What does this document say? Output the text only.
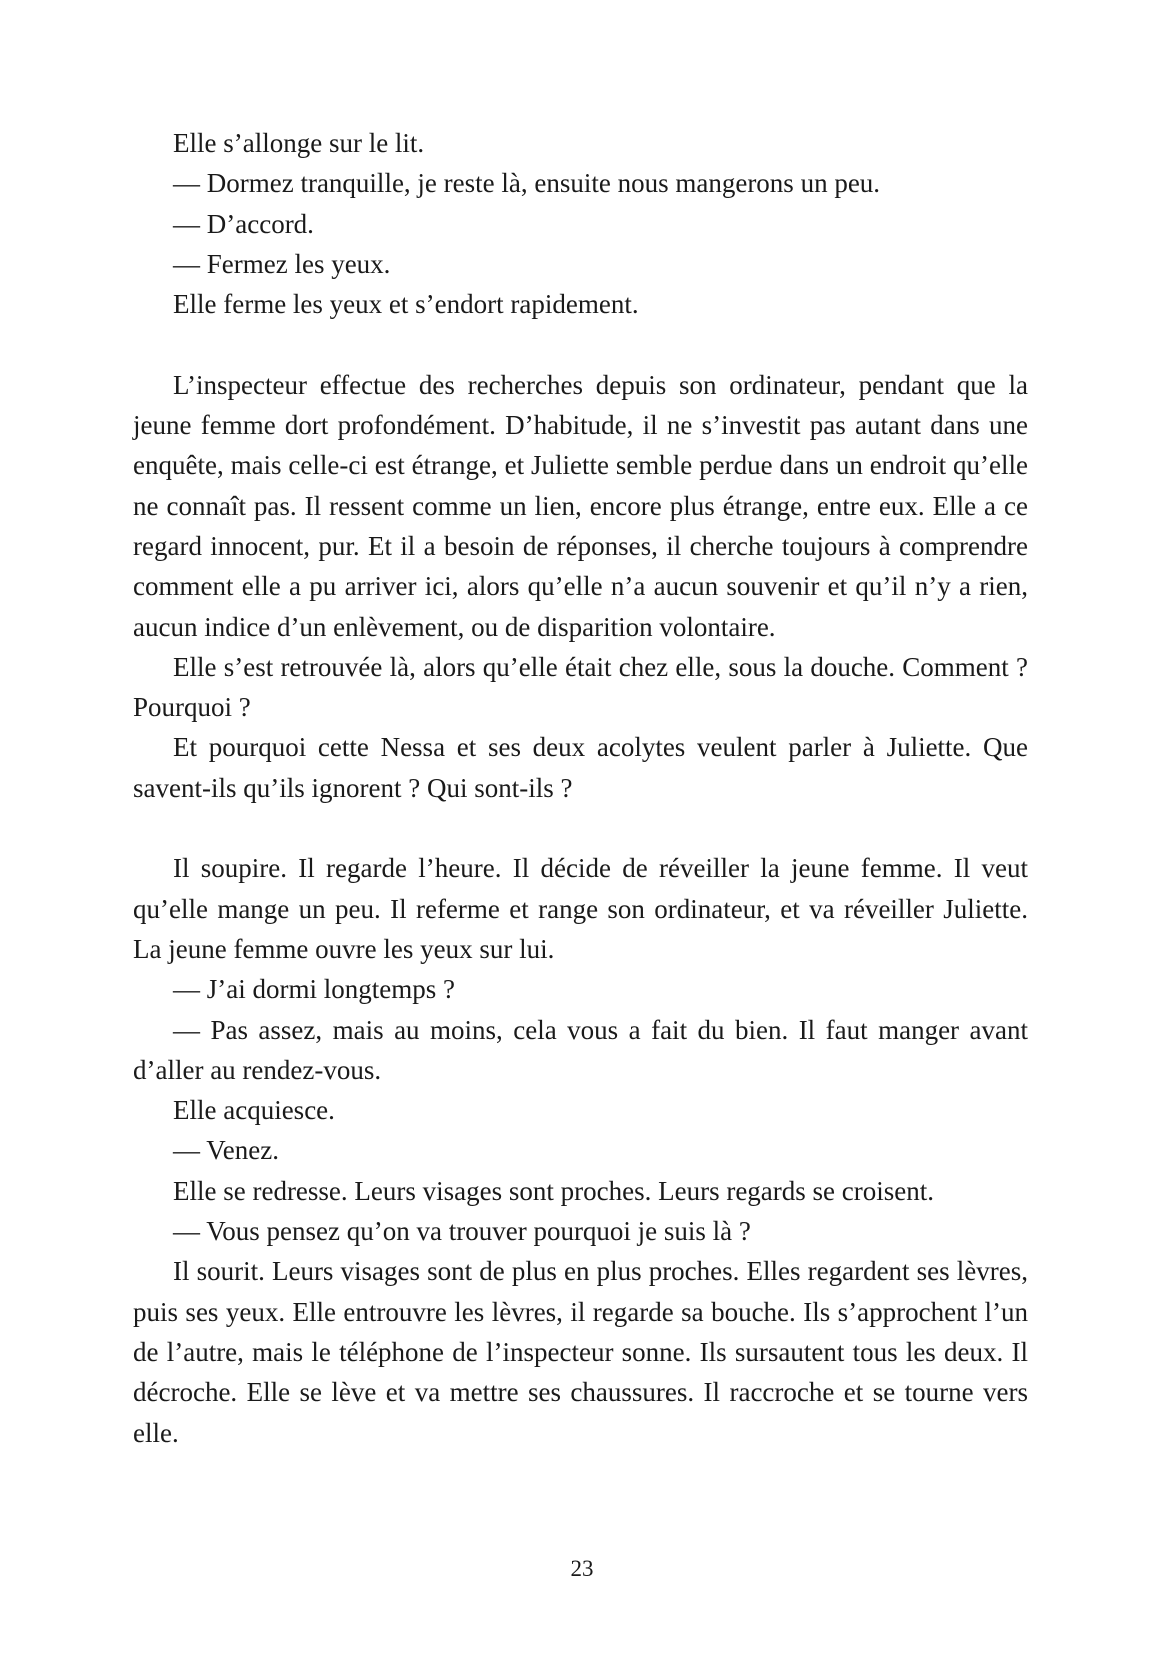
Elle s’allonge sur le lit.

— Dormez tranquille, je reste là, ensuite nous mangerons un peu.

— D’accord.

— Fermez les yeux.

Elle ferme les yeux et s’endort rapidement.

L’inspecteur effectue des recherches depuis son ordinateur, pendant que la jeune femme dort profondément. D’habitude, il ne s’investit pas autant dans une enquête, mais celle-ci est étrange, et Juliette semble perdue dans un endroit qu’elle ne connaît pas. Il ressent comme un lien, encore plus étrange, entre eux. Elle a ce regard innocent, pur. Et il a besoin de réponses, il cherche toujours à comprendre comment elle a pu arriver ici, alors qu’elle n’a aucun souvenir et qu’il n’y a rien, aucun indice d’un enlèvement, ou de disparition volontaire.

Elle s’est retrouvée là, alors qu’elle était chez elle, sous la douche. Comment ? Pourquoi ?

Et pourquoi cette Nessa et ses deux acolytes veulent parler à Juliette. Que savent-ils qu’ils ignorent ? Qui sont-ils ?

Il soupire. Il regarde l’heure. Il décide de réveiller la jeune femme. Il veut qu’elle mange un peu. Il referme et range son ordinateur, et va réveiller Juliette. La jeune femme ouvre les yeux sur lui.

— J’ai dormi longtemps ?

— Pas assez, mais au moins, cela vous a fait du bien. Il faut manger avant d’aller au rendez-vous.

Elle acquiesce.

— Venez.

Elle se redresse. Leurs visages sont proches. Leurs regards se croisent.

— Vous pensez qu’on va trouver pourquoi je suis là ?

Il sourit. Leurs visages sont de plus en plus proches. Elles regardent ses lèvres, puis ses yeux. Elle entrouvre les lèvres, il regarde sa bouche. Ils s’approchent l’un de l’autre, mais le téléphone de l’inspecteur sonne. Ils sursautent tous les deux. Il décroche. Elle se lève et va mettre ses chaussures. Il raccroche et se tourne vers elle.

23
